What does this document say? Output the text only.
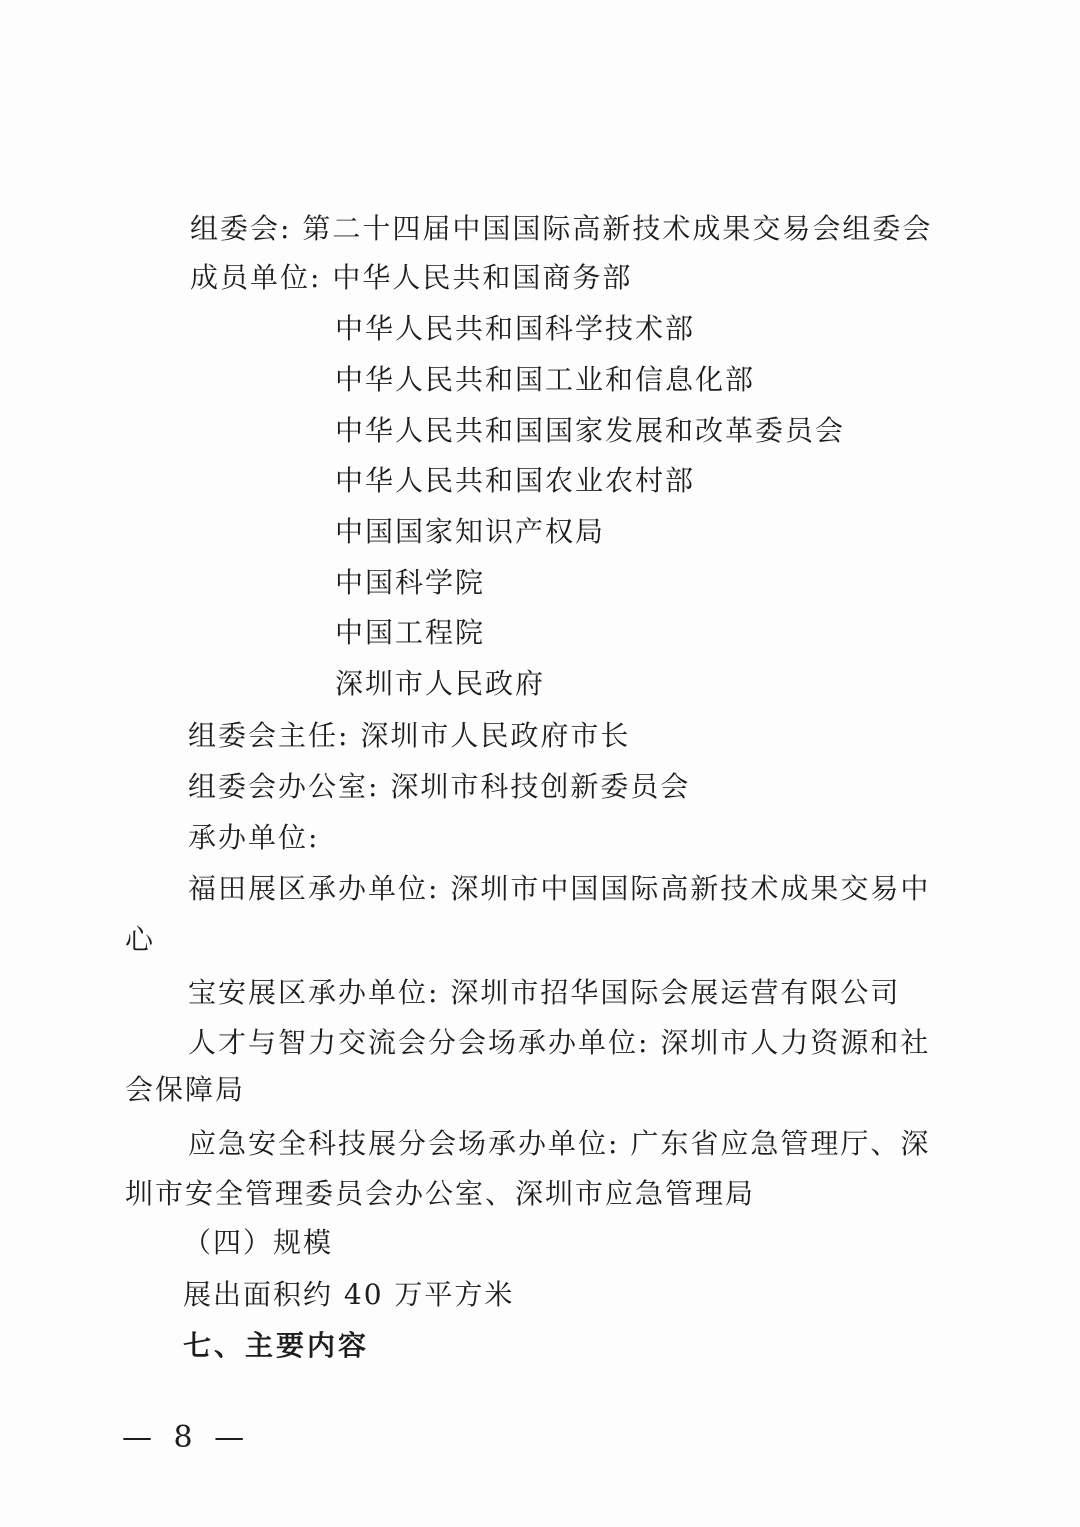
组委会: 第二十四届中国国际高新技术成果交易会组委会
成员单位: 中华人民共和国商务部
中华人民共和国科学技术部
中华人民共和国工业和信息化部
中华人民共和国国家发展和改革委员会
中华人民共和国农业农村部
中国国家知识产权局
中国科学院
中国工程院
深圳市人民政府
组委会主任: 深圳市人民政府市长
组委会办公室: 深圳市科技创新委员会
承办单位:
福田展区承办单位: 深圳市中国国际高新技术成果交易中
心
宝安展区承办单位: 深圳市招华国际会展运营有限公司
人才与智力交流会分会场承办单位: 深圳市人力资源和社
会保障局
应急安全科技展分会场承办单位: 广东省应急管理厅、深
圳市安全管理委员会办公室、深圳市应急管理局
（四）规模
展出面积约 40 万平方米
七、主要内容
— 8 —
